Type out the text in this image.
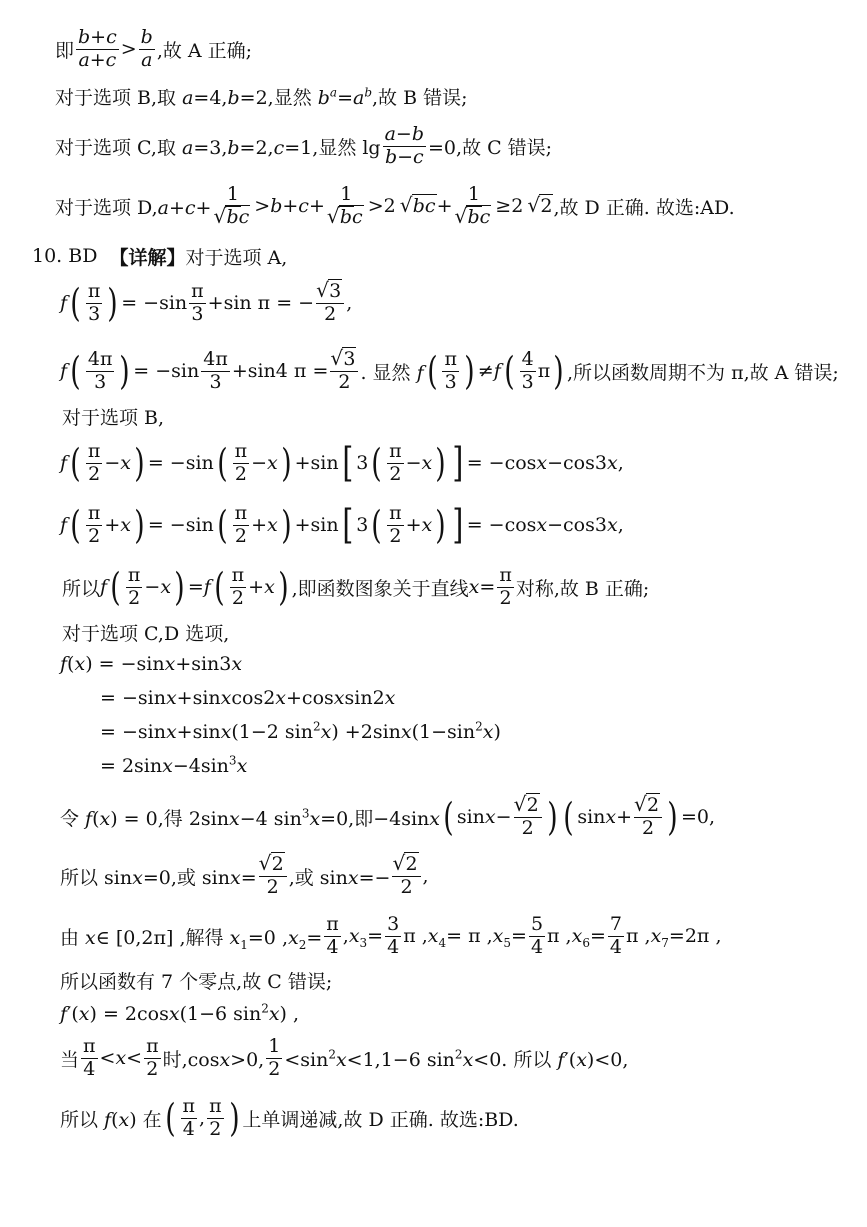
即 $\frac{b+c}{a+c} > \frac{b}{a}$ ,故 A 正确;
对于选项 B,取 a=4,b=2,显然 $b^a=a^b$,故 B 错误;
对于选项 C,取 a=3,b=2,c=1,显然 $\lg \frac{a-b}{b-c} =0$,故 C 错误;
对于选项 D,a+c+ 1
√ bc >b+c+ 1
√ bc >2 √ bc+ 1
√ bc ≥2 √ 2 ,故 D 正确. 故选:AD.
10. BD 【详解】 对于选项 A,
f ( $\frac{\pi}{3}$ ) = $-\sin \frac{\pi}{3} +\sin$ π = − √ $\frac{3}{2}$ ,
f ( $\frac{4\pi}{3}$ ) = $-\sin \frac{4\pi}{3} +\sin 4$ π = √ $\frac{3}{2}$ . 显然 f ( $\frac{\pi}{3}$ ) ≠f ( $\frac{4}{3}$ π ) ,所以函数周期不为 π,故 A 错误;
对于选项 B,
f ( $\frac{\pi}{2} -x$ ) = −sin ( $\frac{\pi}{2} -x$ ) +sin [ 3 ( $\frac{\pi}{2} -x$ ) ] = −cosx−cos3x,
f ( $\frac{\pi}{2} +x$ ) = −sin ( $\frac{\pi}{2} +x$ ) +sin [ 3 ( $\frac{\pi}{2} +x$ ) ] = −cosx−cos3x,
所以 f ( $\frac{\pi}{2} -x$ ) =f ( $\frac{\pi}{2} +x$ ) ,即函数图象关于直线 $x= \frac{\pi}{2}$ 对称,故 B 正确;
对于选项 C,D 选项,
f(x) = −sinx+sin3x
= −sinx+sinxcos2x+cosxsin2x
= −sinx+sinx(1−2 $\sin^2x) +2\sin x(1-\sin^2x)$
= $2\sin x-4\sin^3x$
令 f(x) = 0,得 2sinx−4 $\sin^3x=0$,即−4sinx ( sinx− √ $\frac{2}{2}$ ) ( sinx+ √ $\frac{2}{2}$ ) =0,
所以 sinx=0,或 sinx= √ $\frac{2}{2}$ ,或 sinx=− √ $\frac{2}{2}$ ,
由 x∈ [0,2π] ,解得 $x_1=0$ $,x_2= \frac{\pi}{4} ,x_3= \frac{3}{4}$ π $,x_4= \pi$ $,x_5= \frac{5}{4}$ π $,x_6= \frac{7}{4}$ π $,x_7=2\pi$ ,
所以函数有 7 个零点,故 C 错误;
f′(x) = 2cosx(1−6 $\sin^2x$) ,
当 $\frac{\pi}{4} <x< \frac{\pi}{2}$ 时,cosx>0, $\frac{1}{2} <\sin^2x<1,1-6$ $\sin^2x<0$. 所以 f′(x)<0,
所以 f(x) 在 ( $\frac{\pi}{4}$ , $\frac{\pi}{2}$ ) 上单调递减,故 D 正确. 故选:BD.
